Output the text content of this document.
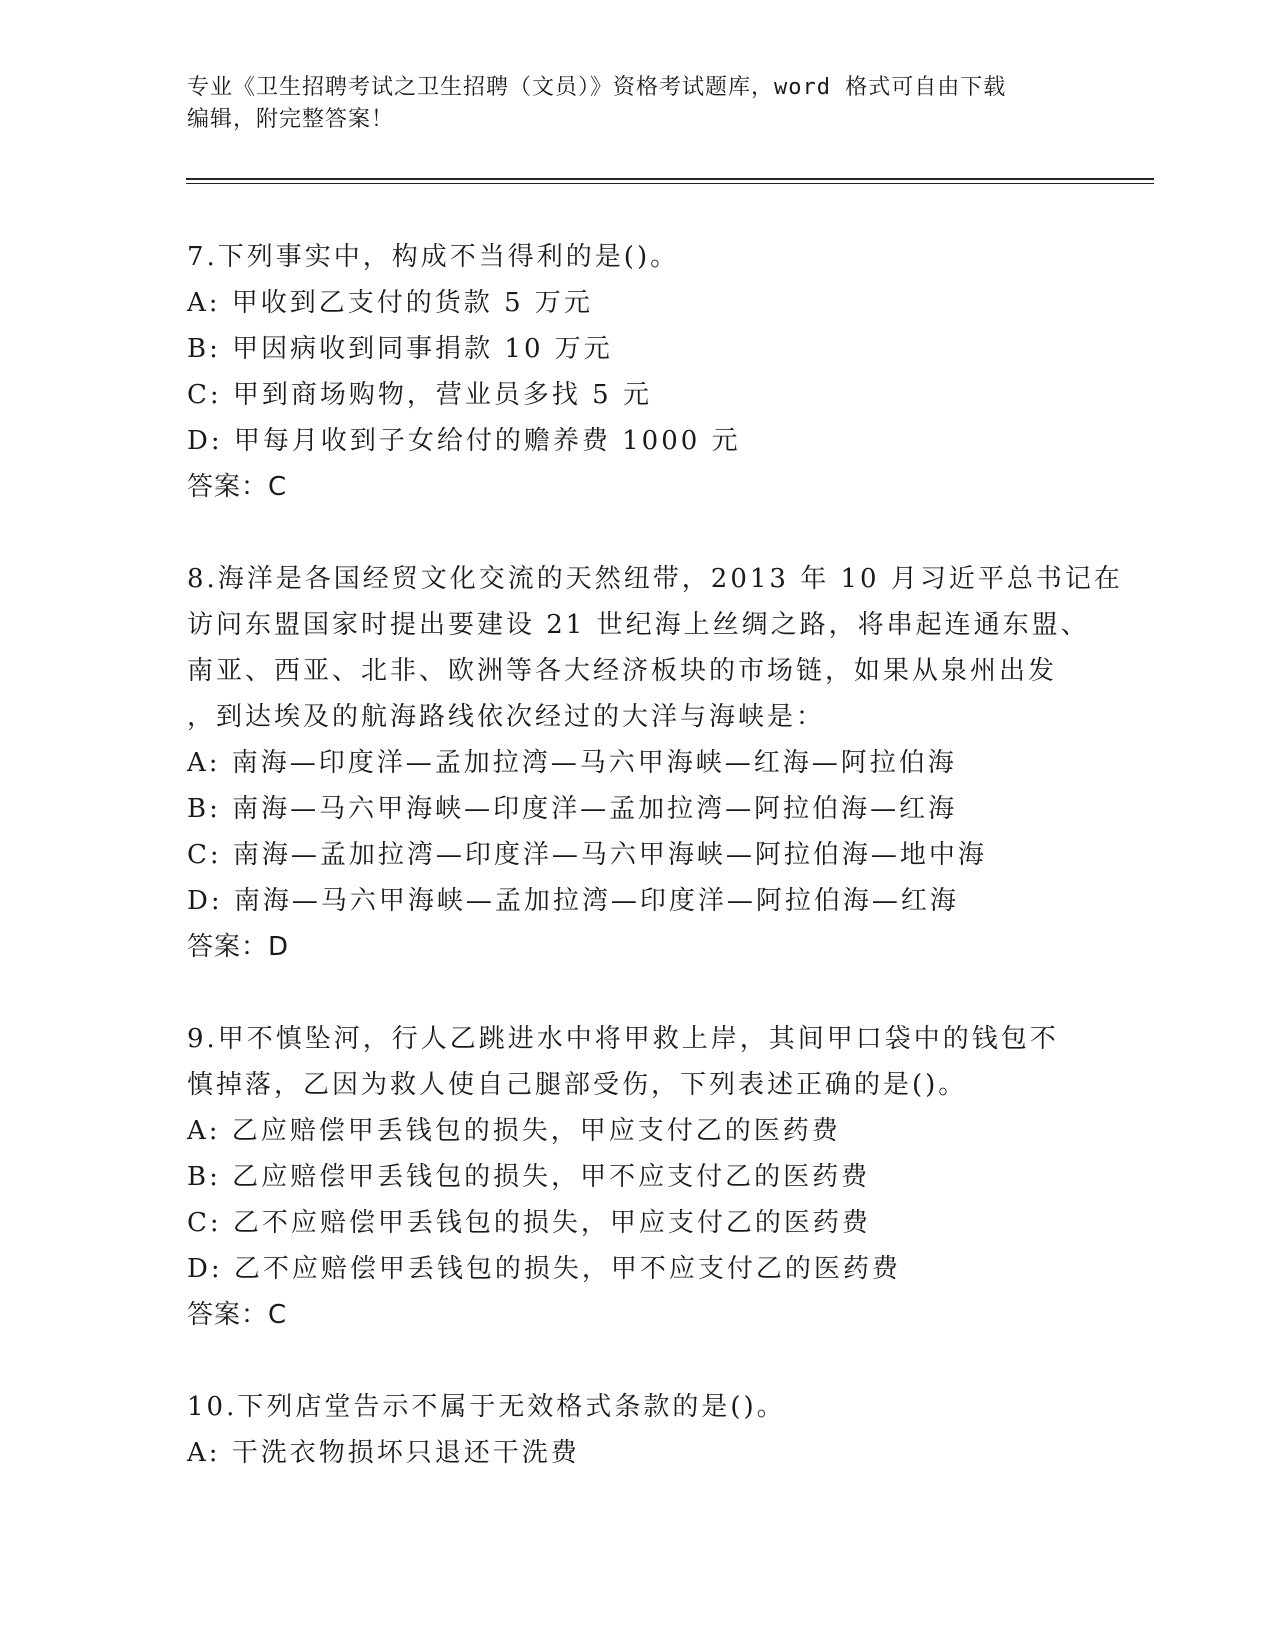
专业《卫生招聘考试之卫生招聘（文员）》资格考试题库，word 格式可自由下载
编辑，附完整答案！
7.下列事实中，构成不当得利的是()。
A: 甲收到乙支付的货款 5 万元
B: 甲因病收到同事捐款 10 万元
C: 甲到商场购物，营业员多找 5 元
D: 甲每月收到子女给付的赡养费 1000 元
答案：C
8.海洋是各国经贸文化交流的天然纽带，2013 年 10 月习近平总书记在
访问东盟国家时提出要建设 21 世纪海上丝绸之路，将串起连通东盟、
南亚、西亚、北非、欧洲等各大经济板块的市场链，如果从泉州出发
，到达埃及的航海路线依次经过的大洋与海峡是：
A: 南海—印度洋—孟加拉湾—马六甲海峡—红海—阿拉伯海
B: 南海—马六甲海峡—印度洋—孟加拉湾—阿拉伯海—红海
C: 南海—孟加拉湾—印度洋—马六甲海峡—阿拉伯海—地中海
D: 南海—马六甲海峡—孟加拉湾—印度洋—阿拉伯海—红海
答案：D
9.甲不慎坠河，行人乙跳进水中将甲救上岸，其间甲口袋中的钱包不
慎掉落，乙因为救人使自己腿部受伤，下列表述正确的是()。
A: 乙应赔偿甲丢钱包的损失，甲应支付乙的医药费
B: 乙应赔偿甲丢钱包的损失，甲不应支付乙的医药费
C: 乙不应赔偿甲丢钱包的损失，甲应支付乙的医药费
D: 乙不应赔偿甲丢钱包的损失，甲不应支付乙的医药费
答案：C
10.下列店堂告示不属于无效格式条款的是()。
A: 干洗衣物损坏只退还干洗费
